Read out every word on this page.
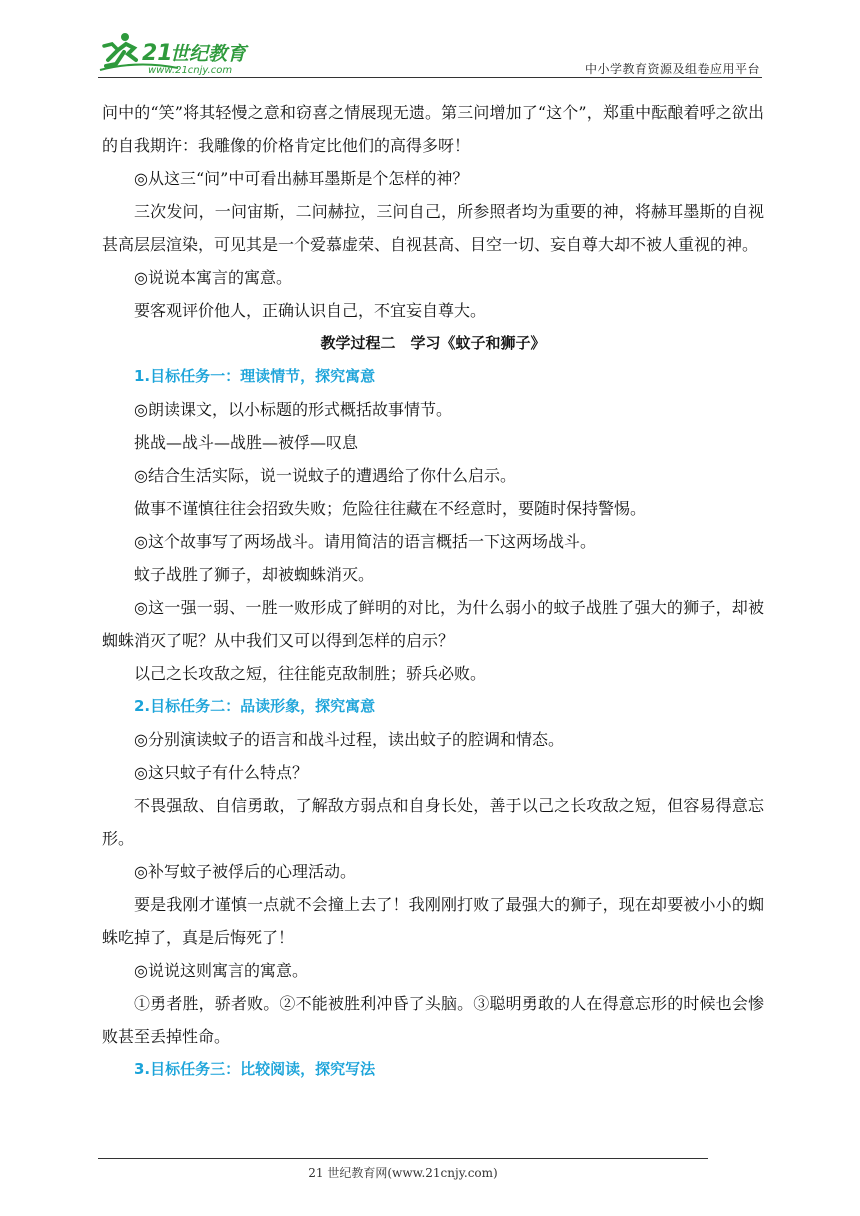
21
世纪教育
www.21cnjy.com	中小学教育资源及组卷应用平台

问中的“笑”将其轻慢之意和窃喜之情展现无遗。第三问增加了“这个”，郑重中酝酿着呼之欲出的自我期许：我雕像的价格肯定比他们的高得多呀！

◎从这三“问”中可看出赫耳墨斯是个怎样的神？

三次发问，一问宙斯，二问赫拉，三问自己，所参照者均为重要的神，将赫耳墨斯的自视甚高层层渲染，可见其是一个爱慕虚荣、自视甚高、目空一切、妄自尊大却不被人重视的神。

◎说说本寓言的寓意。

要客观评价他人，正确认识自己，不宜妄自尊大。

教学过程二　学习《蚊子和狮子》

1.目标任务一：理读情节，探究寓意

◎朗读课文，以小标题的形式概括故事情节。

挑战—战斗—战胜—被俘—叹息

◎结合生活实际，说一说蚊子的遭遇给了你什么启示。

做事不谨慎往往会招致失败；危险往往藏在不经意时，要随时保持警惕。

◎这个故事写了两场战斗。请用简洁的语言概括一下这两场战斗。

蚊子战胜了狮子，却被蜘蛛消灭。

◎这一强一弱、一胜一败形成了鲜明的对比，为什么弱小的蚊子战胜了强大的狮子，却被蜘蛛消灭了呢？从中我们又可以得到怎样的启示？

以己之长攻敌之短，往往能克敌制胜；骄兵必败。

2.目标任务二：品读形象，探究寓意

◎分别演读蚊子的语言和战斗过程，读出蚊子的腔调和情态。

◎这只蚊子有什么特点？

不畏强敌、自信勇敢，了解敌方弱点和自身长处，善于以己之长攻敌之短，但容易得意忘形。

◎补写蚊子被俘后的心理活动。

要是我刚才谨慎一点就不会撞上去了！我刚刚打败了最强大的狮子，现在却要被小小的蜘蛛吃掉了，真是后悔死了！

◎说说这则寓言的寓意。

①勇者胜，骄者败。②不能被胜利冲昏了头脑。③聪明勇敢的人在得意忘形的时候也会惨败甚至丢掉性命。

3.目标任务三：比较阅读，探究写法

21 世纪教育网(www.21cnjy.com)
